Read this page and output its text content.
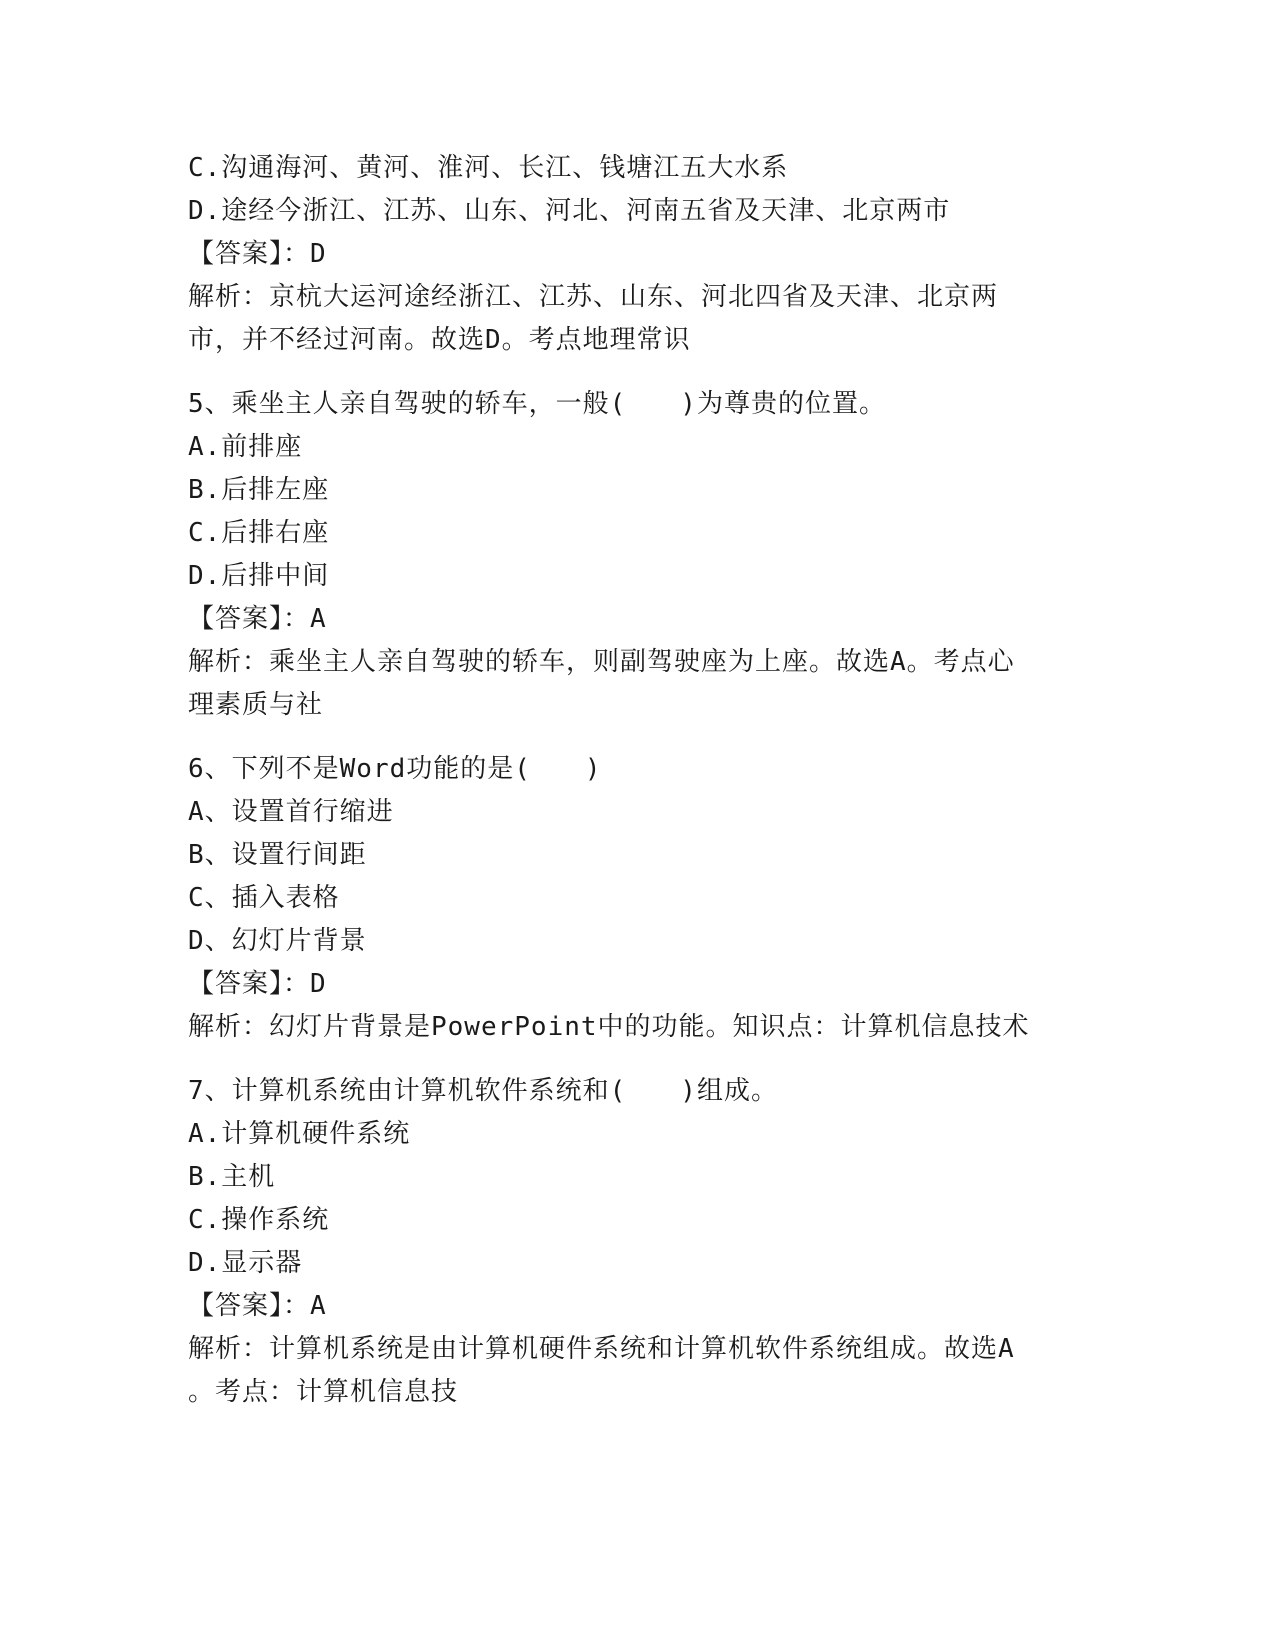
C.沟通海河、黄河、淮河、长江、钱塘江五大水系
D.途经今浙江、江苏、山东、河北、河南五省及天津、北京两市
【答案】：D
解析：京杭大运河途经浙江、江苏、山东、河北四省及天津、北京两
市，并不经过河南。故选D。考点地理常识
5、乘坐主人亲自驾驶的轿车，一般(　　)为尊贵的位置。
A.前排座
B.后排左座
C.后排右座
D.后排中间
【答案】：A
解析：乘坐主人亲自驾驶的轿车，则副驾驶座为上座。故选A。考点心
理素质与社
6、下列不是Word功能的是(　　)
A、设置首行缩进
B、设置行间距
C、插入表格
D、幻灯片背景
【答案】：D
解析：幻灯片背景是PowerPoint中的功能。知识点：计算机信息技术
7、计算机系统由计算机软件系统和(　　)组成。
A.计算机硬件系统
B.主机
C.操作系统
D.显示器
【答案】：A
解析：计算机系统是由计算机硬件系统和计算机软件系统组成。故选A
。考点：计算机信息技
